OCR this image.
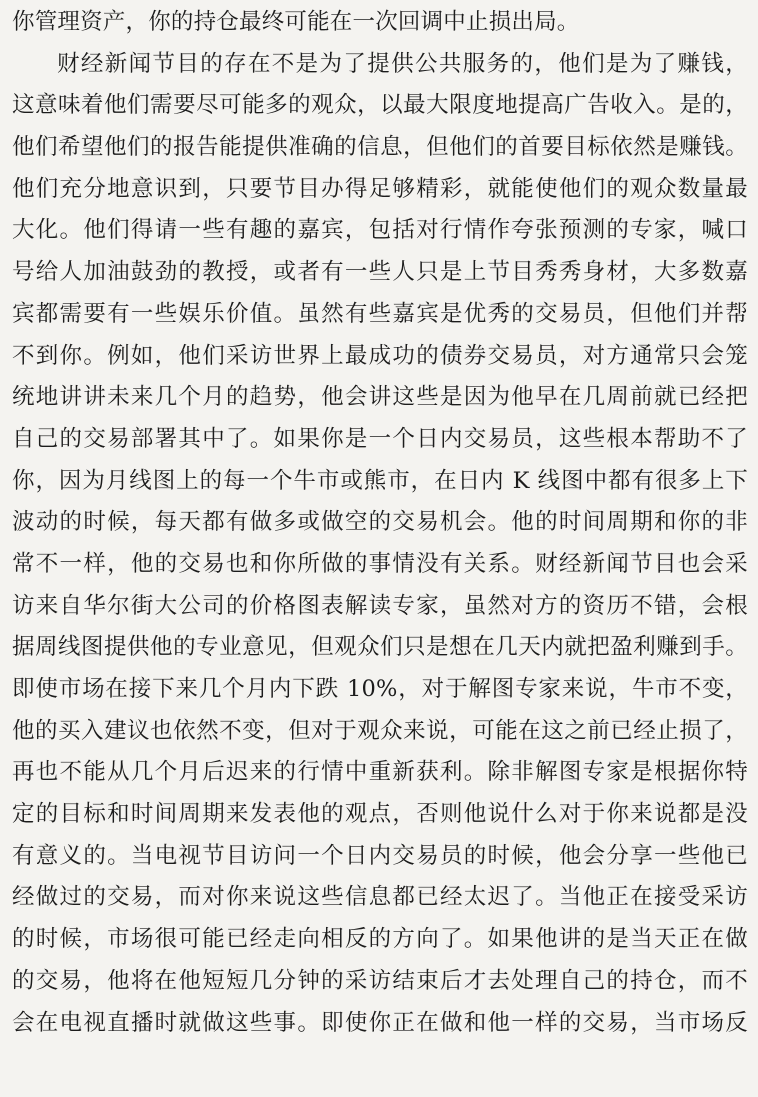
你管理资产，你的持仓最终可能在一次回调中止损出局。
财经新闻节目的存在不是为了提供公共服务的，他们是为了赚钱，
这意味着他们需要尽可能多的观众，以最大限度地提高广告收入。是的，
他们希望他们的报告能提供准确的信息，但他们的首要目标依然是赚钱。
他们充分地意识到，只要节目办得足够精彩，就能使他们的观众数量最
大化。他们得请一些有趣的嘉宾，包括对行情作夸张预测的专家，喊口
号给人加油鼓劲的教授，或者有一些人只是上节目秀秀身材，大多数嘉
宾都需要有一些娱乐价值。虽然有些嘉宾是优秀的交易员，但他们并帮
不到你。例如，他们采访世界上最成功的债券交易员，对方通常只会笼
统地讲讲未来几个月的趋势，他会讲这些是因为他早在几周前就已经把
自己的交易部署其中了。如果你是一个日内交易员，这些根本帮助不了
你，因为月线图上的每一个牛市或熊市，在日内 K 线图中都有很多上下
波动的时候，每天都有做多或做空的交易机会。他的时间周期和你的非
常不一样，他的交易也和你所做的事情没有关系。财经新闻节目也会采
访来自华尔街大公司的价格图表解读专家，虽然对方的资历不错，会根
据周线图提供他的专业意见，但观众们只是想在几天内就把盈利赚到手。
即使市场在接下来几个月内下跌 10%，对于解图专家来说，牛市不变，
他的买入建议也依然不变，但对于观众来说，可能在这之前已经止损了，
再也不能从几个月后迟来的行情中重新获利。除非解图专家是根据你特
定的目标和时间周期来发表他的观点，否则他说什么对于你来说都是没
有意义的。当电视节目访问一个日内交易员的时候，他会分享一些他已
经做过的交易，而对你来说这些信息都已经太迟了。当他正在接受采访
的时候，市场很可能已经走向相反的方向了。如果他讲的是当天正在做
的交易，他将在他短短几分钟的采访结束后才去处理自己的持仓，而不
会在电视直播时就做这些事。即使你正在做和他一样的交易，当市场反
